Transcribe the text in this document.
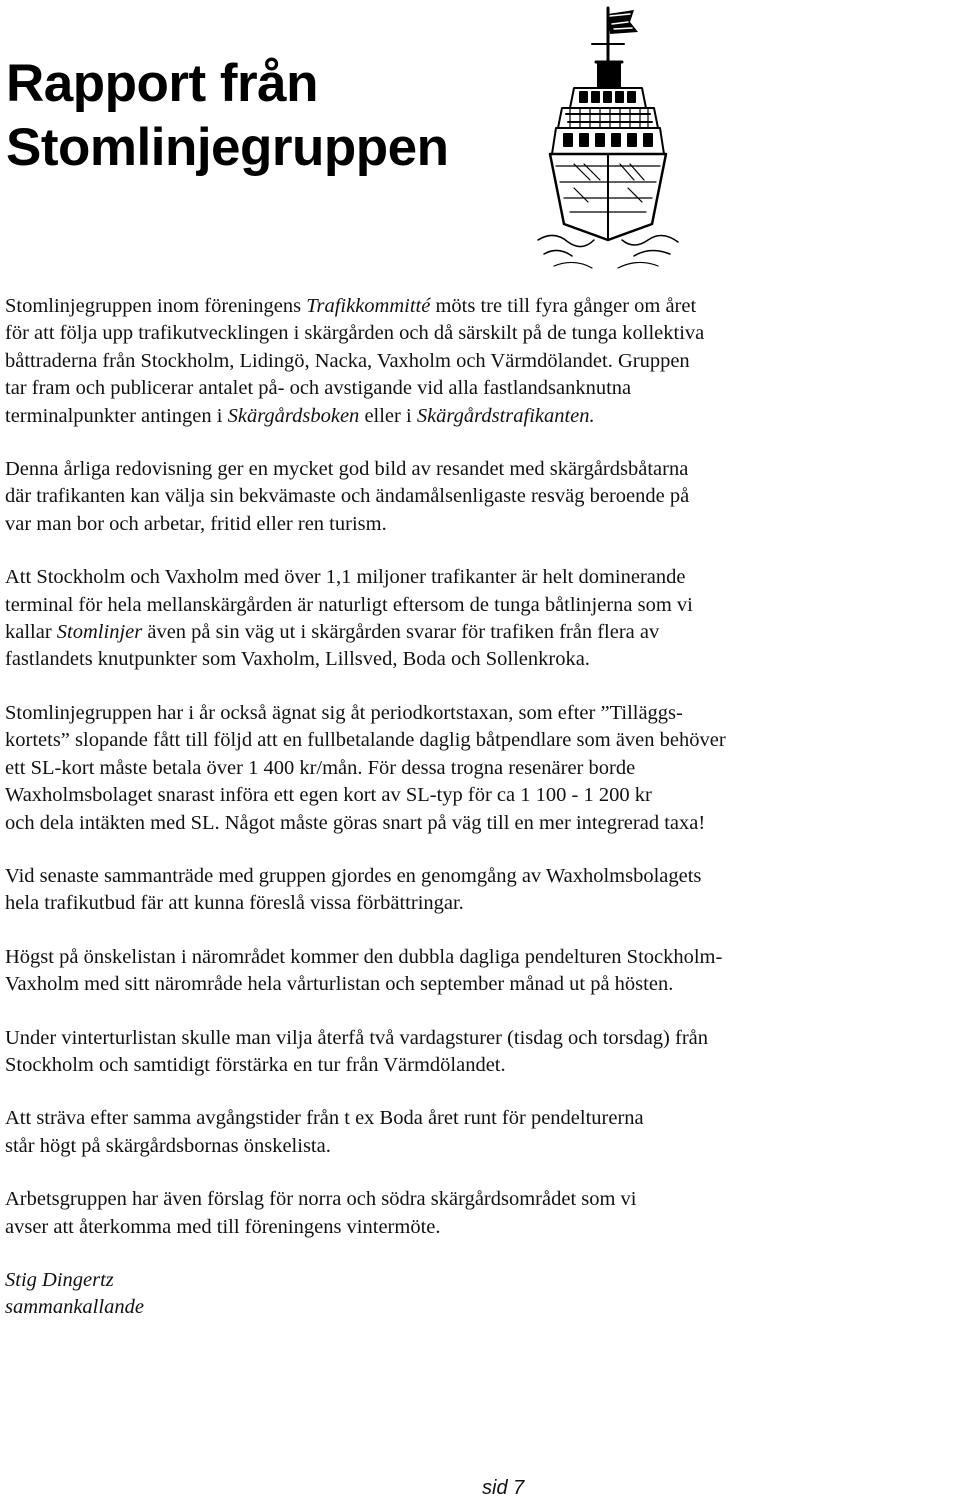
Rapport från
Stomlinjegruppen

Stomlinjegruppen inom föreningens Trafikkommitté möts tre till fyra gånger om året
för att följa upp trafikutvecklingen i skärgården och då särskilt på de tunga kollektiva
båttraderna från Stockholm, Lidingö, Nacka, Vaxholm och Värmdölandet. Gruppen
tar fram och publicerar antalet på- och avstigande vid alla fastlandsanknutna
terminalpunkter antingen i Skärgårdsboken eller i Skärgårdstrafikanten.

Denna årliga redovisning ger en mycket god bild av resandet med skärgårdsbåtarna
där trafikanten kan välja sin bekvämaste och ändamålsenligaste resväg beroende på
var man bor och arbetar, fritid eller ren turism.

Att Stockholm och Vaxholm med över 1,1 miljoner trafikanter är helt dominerande
terminal för hela mellanskärgården är naturligt eftersom de tunga båtlinjerna som vi
kallar Stomlinjer även på sin väg ut i skärgården svarar för trafiken från flera av
fastlandets knutpunkter som Vaxholm, Lillsved, Boda och Sollenkroka.

Stomlinjegruppen har i år också ägnat sig åt periodkortstaxan, som efter ”Tilläggs-
kortets” slopande fått till följd att en fullbetalande daglig båtpendlare som även behöver
ett SL-kort måste betala över 1 400 kr/mån. För dessa trogna resenärer borde
Waxholmsbolaget snarast införa ett egen kort av SL-typ för ca 1 100 - 1 200 kr
och dela intäkten med SL. Något måste göras snart på väg till en mer integrerad taxa!

Vid senaste sammanträde med gruppen gjordes en genomgång av Waxholmsbolagets
hela trafikutbud fär att kunna föreslå vissa förbättringar.

Högst på önskelistan i närområdet kommer den dubbla dagliga pendelturen Stockholm-
Vaxholm med sitt närområde hela vårturlistan och september månad ut på hösten.

Under vinterturlistan skulle man vilja återfå två vardagsturer (tisdag och torsdag) från
Stockholm och samtidigt förstärka en tur från Värmdölandet.

Att sträva efter samma avgångstider från t ex Boda året runt för pendelturerna
står högt på skärgårdsbornas önskelista.

Arbetsgruppen har även förslag för norra och södra skärgårdsområdet som vi
avser att återkomma med till föreningens vintermöte.

Stig Dingertz
sammankallande

sid 7
